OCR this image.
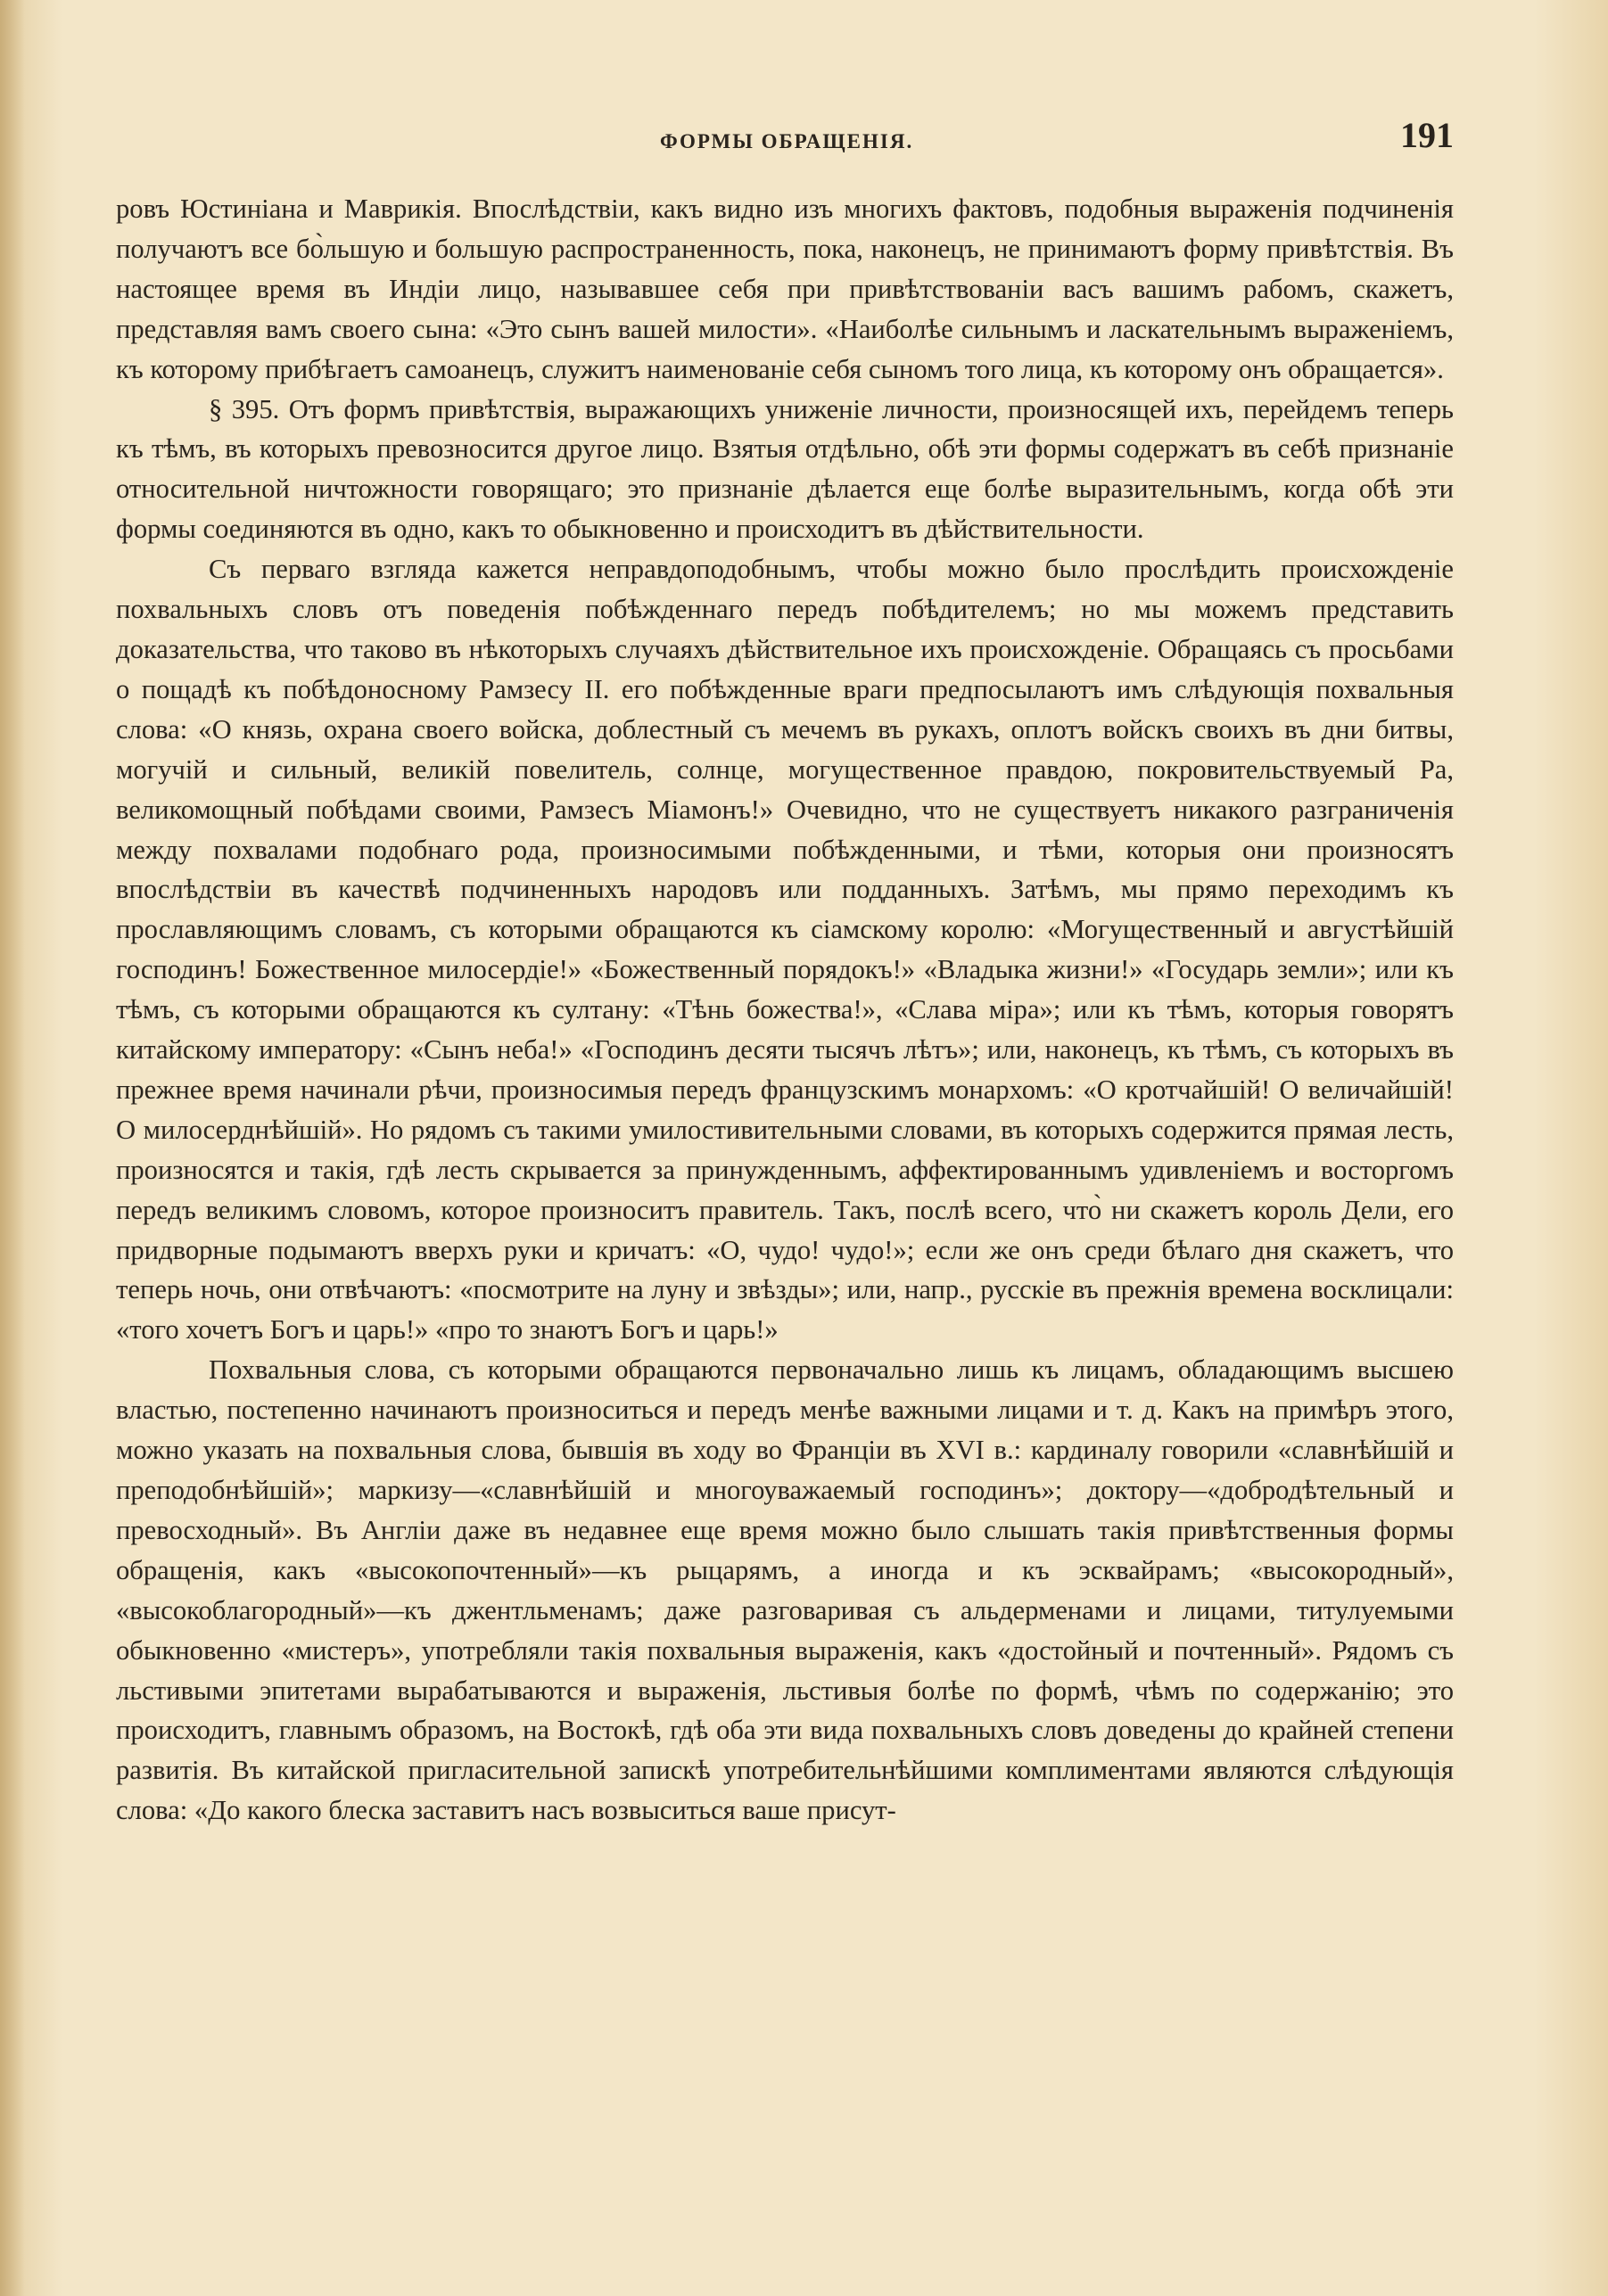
ФОРМЫ ОБРАЩЕНІЯ.	191

ровъ Юстиніана и Маврикія. Впослѣдствіи, какъ видно изъ многихъ фактовъ, подобныя выраженія подчиненія получаютъ все бо̀льшую и большую распространенность, пока, наконецъ, не принимаютъ форму привѣтствія. Въ настоящее время въ Индіи лицо, называвшее себя при привѣтствованіи васъ вашимъ рабомъ, скажетъ, представляя вамъ своего сына: «Это сынъ вашей милости». «Наиболѣе сильнымъ и ласкательнымъ выраженіемъ, къ которому прибѣгаетъ самоанецъ, служитъ наименованіе себя сыномъ того лица, къ которому онъ обращается».

§ 395. Отъ формъ привѣтствія, выражающихъ униженіе личности, произносящей ихъ, перейдемъ теперь къ тѣмъ, въ которыхъ превозносится другое лицо. Взятыя отдѣльно, обѣ эти формы содержатъ въ себѣ признаніе относительной ничтожности говорящаго; это признаніе дѣлается еще болѣе выразительнымъ, когда обѣ эти формы соединяются въ одно, какъ то обыкновенно и происходитъ въ дѣйствительности.

Съ перваго взгляда кажется неправдоподобнымъ, чтобы можно было прослѣдить происхожденіе похвальныхъ словъ отъ поведенія побѣжденнаго передъ побѣдителемъ; но мы можемъ представить доказательства, что таково въ нѣкоторыхъ случаяхъ дѣйствительное ихъ происхожденіе. Обращаясь съ просьбами о пощадѣ къ побѣдоносному Рамзесу II. его побѣжденные враги предпосылаютъ имъ слѣдующія похвальныя слова: «О князь, охрана своего войска, доблестный съ мечемъ въ рукахъ, оплотъ войскъ своихъ въ дни битвы, могучій и сильный, великій повелитель, солнце, могущественное правдою, покровительствуемый Ра, великомощный побѣдами своими, Рамзесъ Міамонъ!» Очевидно, что не существуетъ никакого разграниченія между похвалами подобнаго рода, произносимыми побѣжденными, и тѣми, которыя они произносятъ впослѣдствіи въ качествѣ подчиненныхъ народовъ или подданныхъ. Затѣмъ, мы прямо переходимъ къ прославляющимъ словамъ, съ которыми обращаются къ сіамскому королю: «Могущественный и августѣйшій господинъ! Божественное милосердіе!» «Божественный порядокъ!» «Владыка жизни!» «Государь земли»; или къ тѣмъ, съ которыми обращаются къ султану: «Тѣнь божества!», «Слава міра»; или къ тѣмъ, которыя говорятъ китайскому императору: «Сынъ неба!» «Господинъ десяти тысячъ лѣтъ»; или, наконецъ, къ тѣмъ, съ которыхъ въ прежнее время начинали рѣчи, произносимыя передъ французскимъ монархомъ: «О кротчайшій! О величайшій! О милосерднѣйшій». Но рядомъ съ такими умилостивительными словами, въ которыхъ содержится прямая лесть, произносятся и такія, гдѣ лесть скрывается за принужденнымъ, аффектированнымъ удивленіемъ и восторгомъ передъ великимъ словомъ, которое произноситъ правитель. Такъ, послѣ всего, что̀ ни скажетъ король Дели, его придворные подымаютъ вверхъ руки и кричатъ: «О, чудо! чудо!»; если же онъ среди бѣлаго дня скажетъ, что теперь ночь, они отвѣчаютъ: «посмотрите на луну и звѣзды»; или, напр., русскіе въ прежнія времена восклицали: «того хочетъ Богъ и царь!» «про то знаютъ Богъ и царь!»

Похвальныя слова, съ которыми обращаются первоначально лишь къ лицамъ, обладающимъ высшею властью, постепенно начинаютъ произноситься и передъ менѣе важными лицами и т. д. Какъ на примѣръ этого, можно указать на похвальныя слова, бывшія въ ходу во Франціи въ XVI в.: кардиналу говорили «славнѣйшій и преподобнѣйшій»; маркизу—«славнѣйшій и многоуважаемый господинъ»; доктору—«добродѣтельный и превосходный». Въ Англіи даже въ недавнее еще время можно было слышать такія привѣтственныя формы обращенія, какъ «высокопочтенный»—къ рыцарямъ, а иногда и къ эсквайрамъ; «высокородный», «высокоблагородный»—къ джентльменамъ; даже разговаривая съ альдерменами и лицами, титулуемыми обыкновенно «мистеръ», употребляли такія похвальныя выраженія, какъ «достойный и почтенный». Рядомъ съ льстивыми эпитетами вырабатываются и выраженія, льстивыя болѣе по формѣ, чѣмъ по содержанію; это происходитъ, главнымъ образомъ, на Востокѣ, гдѣ оба эти вида похвальныхъ словъ доведены до крайней степени развитія. Въ китайской пригласительной запискѣ употребительнѣйшими комплиментами являются слѣдующія слова: «До какого блеска заставитъ насъ возвыситься ваше присут-
